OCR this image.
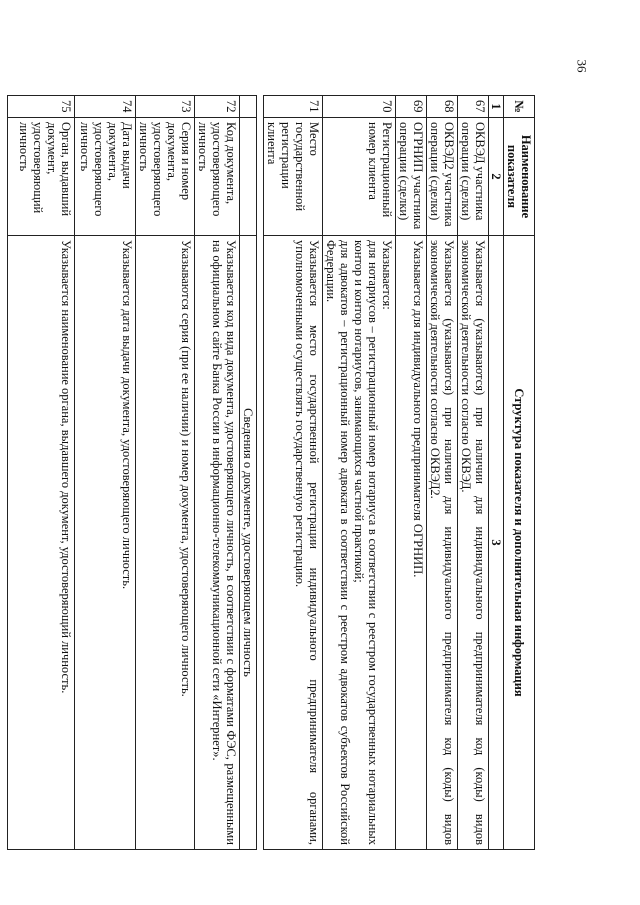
36
№	Наименование показателя	Структура показателя и дополнительная информация
1	2	3
67	ОКВЭД участника операции (сделки)	Указывается (указываются) при наличии для индивидуального предпринимателя код (коды) видов экономической деятельности согласно ОКВЭД.
68	ОКВЭД2 участника операции (сделки)	Указывается (указываются) при наличии для индивидуального предпринимателя код (коды) видов экономической деятельности согласно ОКВЭД2.
69	ОГРНИП участника операции (сделки)	Указывается для индивидуального предпринимателя ОГРНИП.
70	Регистрационный номер клиента	Указывается:
для нотариусов – регистрационный номер нотариуса в соответствии с реестром государственных нотариальных контор и контор нотариусов, занимающихся частной практикой;
для адвокатов – регистрационный номер адвоката в соответствии с реестром адвокатов субъектов Российской Федерации.
71	Место государственной регистрации клиента	Указывается место государственной регистрации индивидуального предпринимателя органами, уполномоченными осуществлять государственную регистрацию.

		Сведения о документе, удостоверяющем личность
72	Код документа, удостоверяющего личность	Указывается код вида документа, удостоверяющего личность, в соответствии с форматами ФЭС, размещенными на официальном сайте Банка России в информационно-телекоммуникационной сети «Интернет».
73	Серия и номер документа, удостоверяющего личность	Указываются серия (при ее наличии) и номер документа, удостоверяющего личность.
74	Дата выдачи документа, удостоверяющего личность	Указывается дата выдачи документа, удостоверяющего личность.
75	Орган, выдавший документ, удостоверяющий личность	Указывается наименование органа, выдавшего документ, удостоверяющий личность.
